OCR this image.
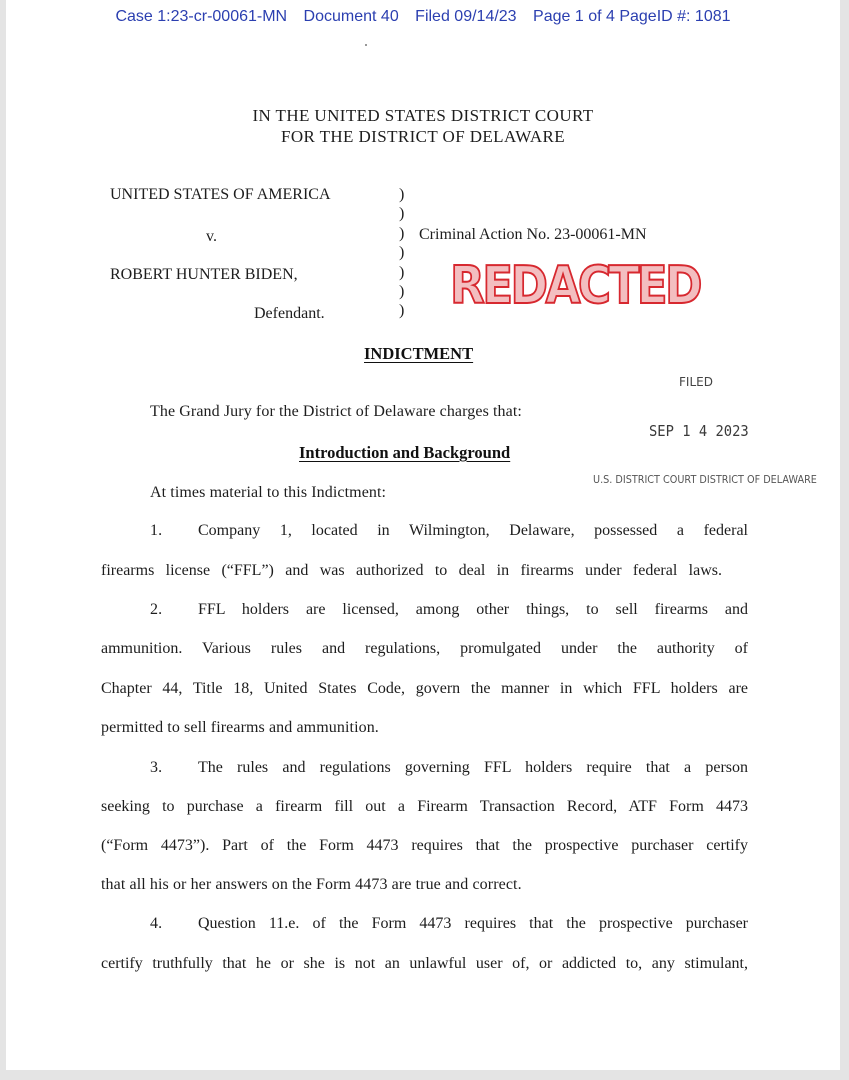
Case 1:23-cr-00061-MN Document 40 Filed 09/14/23 Page 1 of 4 PageID #: 1081
IN THE UNITED STATES DISTRICT COURT
FOR THE DISTRICT OF DELAWARE
UNITED STATES OF AMERICA
v.
ROBERT HUNTER BIDEN,
Defendant.
)
)
)
)
)
)
)
Criminal Action No. 23-00061-MN
REDACTED
INDICTMENT
FILED
SEP 1 4 2023
U.S. DISTRICT COURT DISTRICT OF DELAWARE
The Grand Jury for the District of Delaware charges that:
Introduction and Background
At times material to this Indictment:
1. Company 1, located in Wilmington, Delaware, possessed a federal
firearms license (“FFL”) and was authorized to deal in firearms under federal laws.
2. FFL holders are licensed, among other things, to sell firearms and
ammunition. Various rules and regulations, promulgated under the authority of
Chapter 44, Title 18, United States Code, govern the manner in which FFL holders are
permitted to sell firearms and ammunition.
3. The rules and regulations governing FFL holders require that a person
seeking to purchase a firearm fill out a Firearm Transaction Record, ATF Form 4473
(“Form 4473”). Part of the Form 4473 requires that the prospective purchaser certify
that all his or her answers on the Form 4473 are true and correct.
4. Question 11.e. of the Form 4473 requires that the prospective purchaser
certify truthfully that he or she is not an unlawful user of, or addicted to, any stimulant,
